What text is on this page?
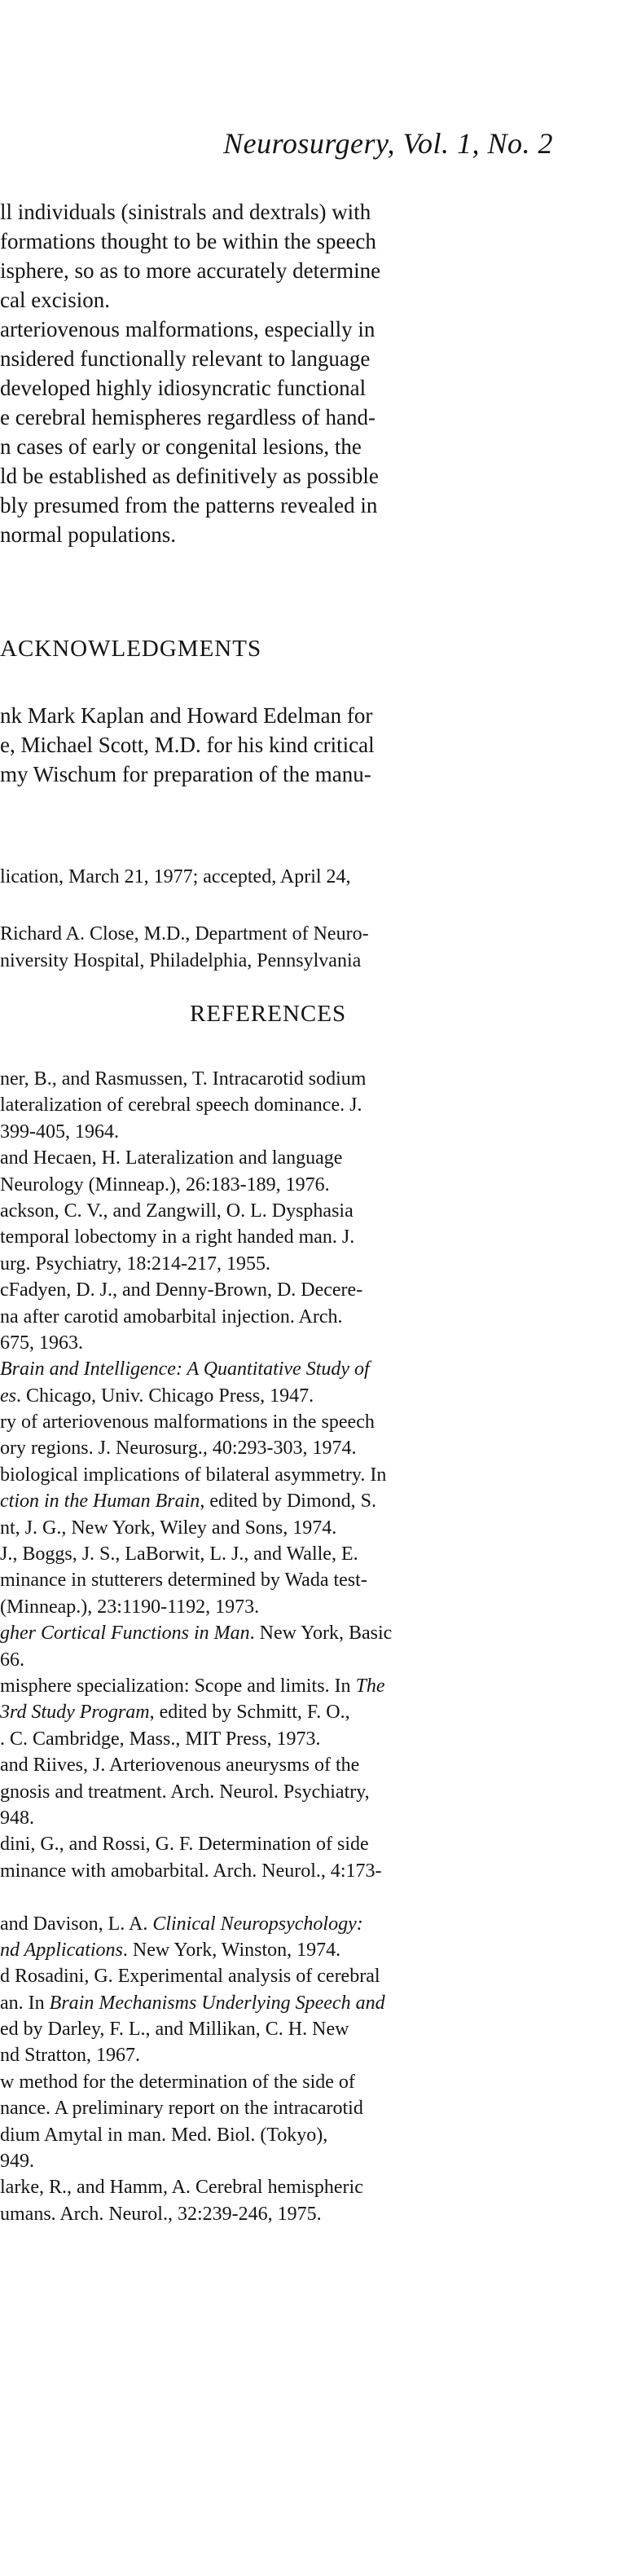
Neurosurgery, Vol. 1, No. 2
ll individuals (sinistrals and dextrals) with
formations thought to be within the speech
isphere, so as to more accurately determine
cal excision.
arteriovenous malformations, especially in
nsidered functionally relevant to language
developed highly idiosyncratic functional
e cerebral hemispheres regardless of hand-
n cases of early or congenital lesions, the
ld be established as definitively as possible
bly presumed from the patterns revealed in
normal populations.
ACKNOWLEDGMENTS
nk Mark Kaplan and Howard Edelman for
e, Michael Scott, M.D. for his kind critical
my Wischum for preparation of the manu-
lication, March 21, 1977; accepted, April 24,
Richard A. Close, M.D., Department of Neuro-
niversity Hospital, Philadelphia, Pennsylvania
REFERENCES
ner, B., and Rasmussen, T. Intracarotid sodium
lateralization of cerebral speech dominance. J.
399-405, 1964.
and Hecaen, H. Lateralization and language
Neurology (Minneap.), 26:183-189, 1976.
ackson, C. V., and Zangwill, O. L. Dysphasia
temporal lobectomy in a right handed man. J.
urg. Psychiatry, 18:214-217, 1955.
cFadyen, D. J., and Denny-Brown, D. Decere-
na after carotid amobarbital injection. Arch.
675, 1963.
Brain and Intelligence: A Quantitative Study of
es. Chicago, Univ. Chicago Press, 1947.
ry of arteriovenous malformations in the speech
ory regions. J. Neurosurg., 40:293-303, 1974.
biological implications of bilateral asymmetry. In
ction in the Human Brain, edited by Dimond, S.
nt, J. G., New York, Wiley and Sons, 1974.
J., Boggs, J. S., LaBorwit, L. J., and Walle, E.
minance in stutterers determined by Wada test-
(Minneap.), 23:1190-1192, 1973.
gher Cortical Functions in Man. New York, Basic
66.
misphere specialization: Scope and limits. In The
3rd Study Program, edited by Schmitt, F. O.,
. C. Cambridge, Mass., MIT Press, 1973.
and Riives, J. Arteriovenous aneurysms of the
gnosis and treatment. Arch. Neurol. Psychiatry,
948.
dini, G., and Rossi, G. F. Determination of side
minance with amobarbital. Arch. Neurol., 4:173-
and Davison, L. A. Clinical Neuropsychology:
nd Applications. New York, Winston, 1974.
d Rosadini, G. Experimental analysis of cerebral
an. In Brain Mechanisms Underlying Speech and
ed by Darley, F. L., and Millikan, C. H. New
nd Stratton, 1967.
w method for the determination of the side of
nance. A preliminary report on the intracarotid
dium Amytal in man. Med. Biol. (Tokyo),
949.
larke, R., and Hamm, A. Cerebral hemispheric
umans. Arch. Neurol., 32:239-246, 1975.
